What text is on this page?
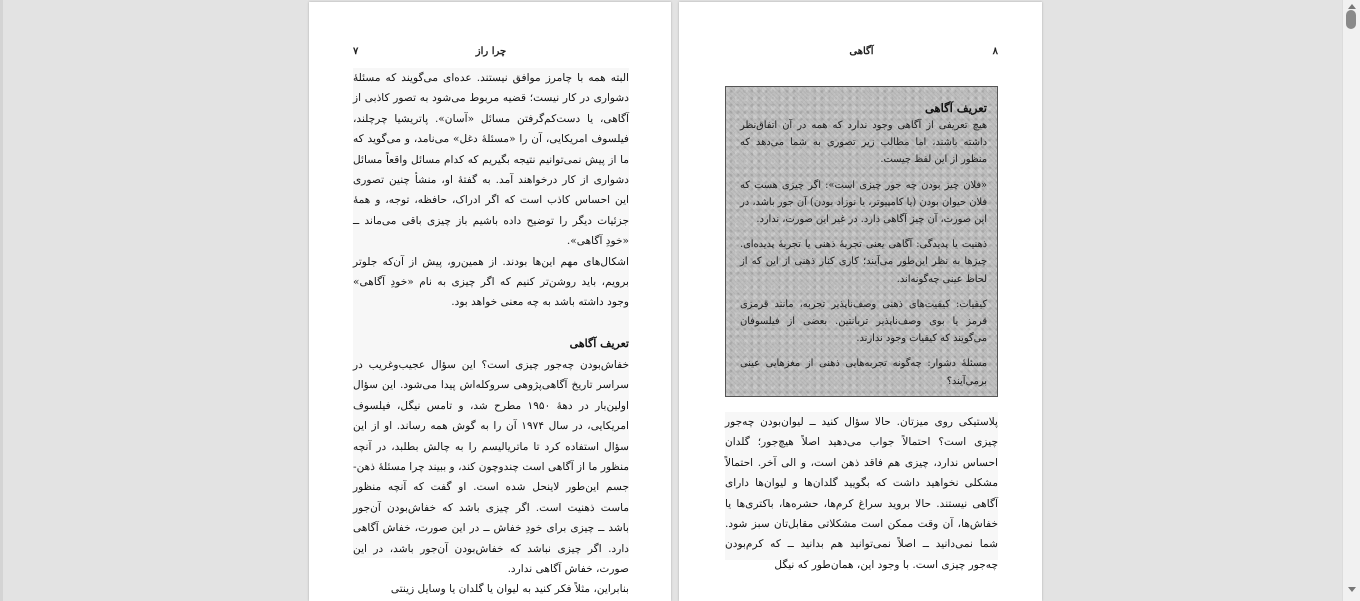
۷	چرا راز

البته همه با چامرز موافق نیستند. عده‌ای می‌گویند که مسئلهٔ دشواری در کار نیست؛ قضیه مربوط می‌شود به تصور کاذبی از آگاهی، یا دست‌کم‌گرفتن مسائل «آسان». پاتریشیا چرچلند، فیلسوف امریکایی، آن را «مسئلهٔ دغل» می‌نامد، و می‌گوید که ما از پیش نمی‌توانیم نتیجه بگیریم که کدام مسائل واقعاً مسائل دشواری از کار درخواهند آمد. به گفتهٔ او، منشأ چنین تصوری این احساس کاذب است که اگر ادراک، حافظه، توجه، و همهٔ جزئیات دیگر را توضیح داده باشیم باز چیزی باقی می‌ماند ــ «خودِ آگاهی».

اشکال‌های مهم این‌ها بودند. از همین‌رو، پیش از آن‌که جلوتر برویم، باید روشن‌تر کنیم که اگر چیزی به نام «خودِ آگاهی» وجود داشته باشد به چه معنی خواهد بود.

تعریف آگاهی

خفاش‌بودن چه‌جور چیزی است؟ این سؤال عجیب‌وغریب در سراسر تاریخ آگاهی‌پژوهی سروکله‌اش پیدا می‌شود. این سؤال اولین‌بار در دههٔ ۱۹۵۰ مطرح شد، و تامس نیگل، فیلسوف امریکایی، در سال ۱۹۷۴ آن را به گوش همه رساند. او از این سؤال استفاده کرد تا ماتریالیسم را به چالش بطلبد، در آنچه منظور ما از آگاهی است چندوچون کند، و ببیند چرا مسئلهٔ ذهن-جسم این‌طور لاینحل شده است. او گفت که آنچه منظور ماست ذهنیت است. اگر چیزی باشد که خفاش‌بودن آن‌جور باشد ــ چیزی برای خودِ خفاش ــ در این صورت، خفاش آگاهی دارد. اگر چیزی نباشد که خفاش‌بودن آن‌جور باشد، در این صورت، خفاش آگاهی ندارد.

بنابراین، مثلاً فکر کنید به لیوان یا گلدان یا وسایل زینتی

۸
آگاهی
تعریف آگاهی

هیچ تعریفی از آگاهی وجود ندارد که همه در آن اتفاق‌نظر داشته باشند، اما مطالب زیر تصوری به شما می‌دهد که منظور از این لفظ چیست.

«فلان چیز بودن چه جور چیزی است»: اگر چیزی هست که فلان حیوان بودن (یا کامپیوتر، یا نوزاد بودن) آن جور باشد، در این صورت، آن چیز آگاهی دارد. در غیر این صورت، ندارد.

ذهنیت یا پدیدگی: آگاهی یعنی تجربهٔ ذهنی یا تجربهٔ پدیده‌ای. چیزها به نظر این‌طور می‌آیند؛ کاری کنار ذهنی از این که از لحاظ عینی چه‌گونه‌اند.

کیفیات: کیفیت‌های ذهنی وصف‌ناپذیر تجربه، مانند قرمزی قرمز یا بوی وصف‌ناپذیر تربانتین. بعضی از فیلسوفان می‌گویند که کیفیات وجود ندارند.

مسئلهٔ دشوار: چه‌گونه تجربه‌هایی ذهنی از مغزهایی عینی برمی‌آیند؟

پلاستیکی روی میزتان. حالا سؤال کنید ــ لیوان‌بودن چه‌جور چیزی است؟ احتمالاً جواب می‌دهید اصلاً هیچ‌جور؛ گلدان احساس ندارد، چیزی هم فاقد ذهن است، و الی آخر. احتمالاً مشکلی نخواهید داشت که بگویید گلدان‌ها و لیوان‌ها دارای آگاهی نیستند. حالا بروید سراغ کرم‌ها، حشره‌ها، باکتری‌ها یا خفاش‌ها، آن وقت ممکن است مشکلاتی مقابل‌تان سبز شود. شما نمی‌دانید ــ اصلاً نمی‌توانید هم بدانید ــ که کرم‌بودن چه‌جور چیزی است. با وجود این، همان‌طور که نیگل
